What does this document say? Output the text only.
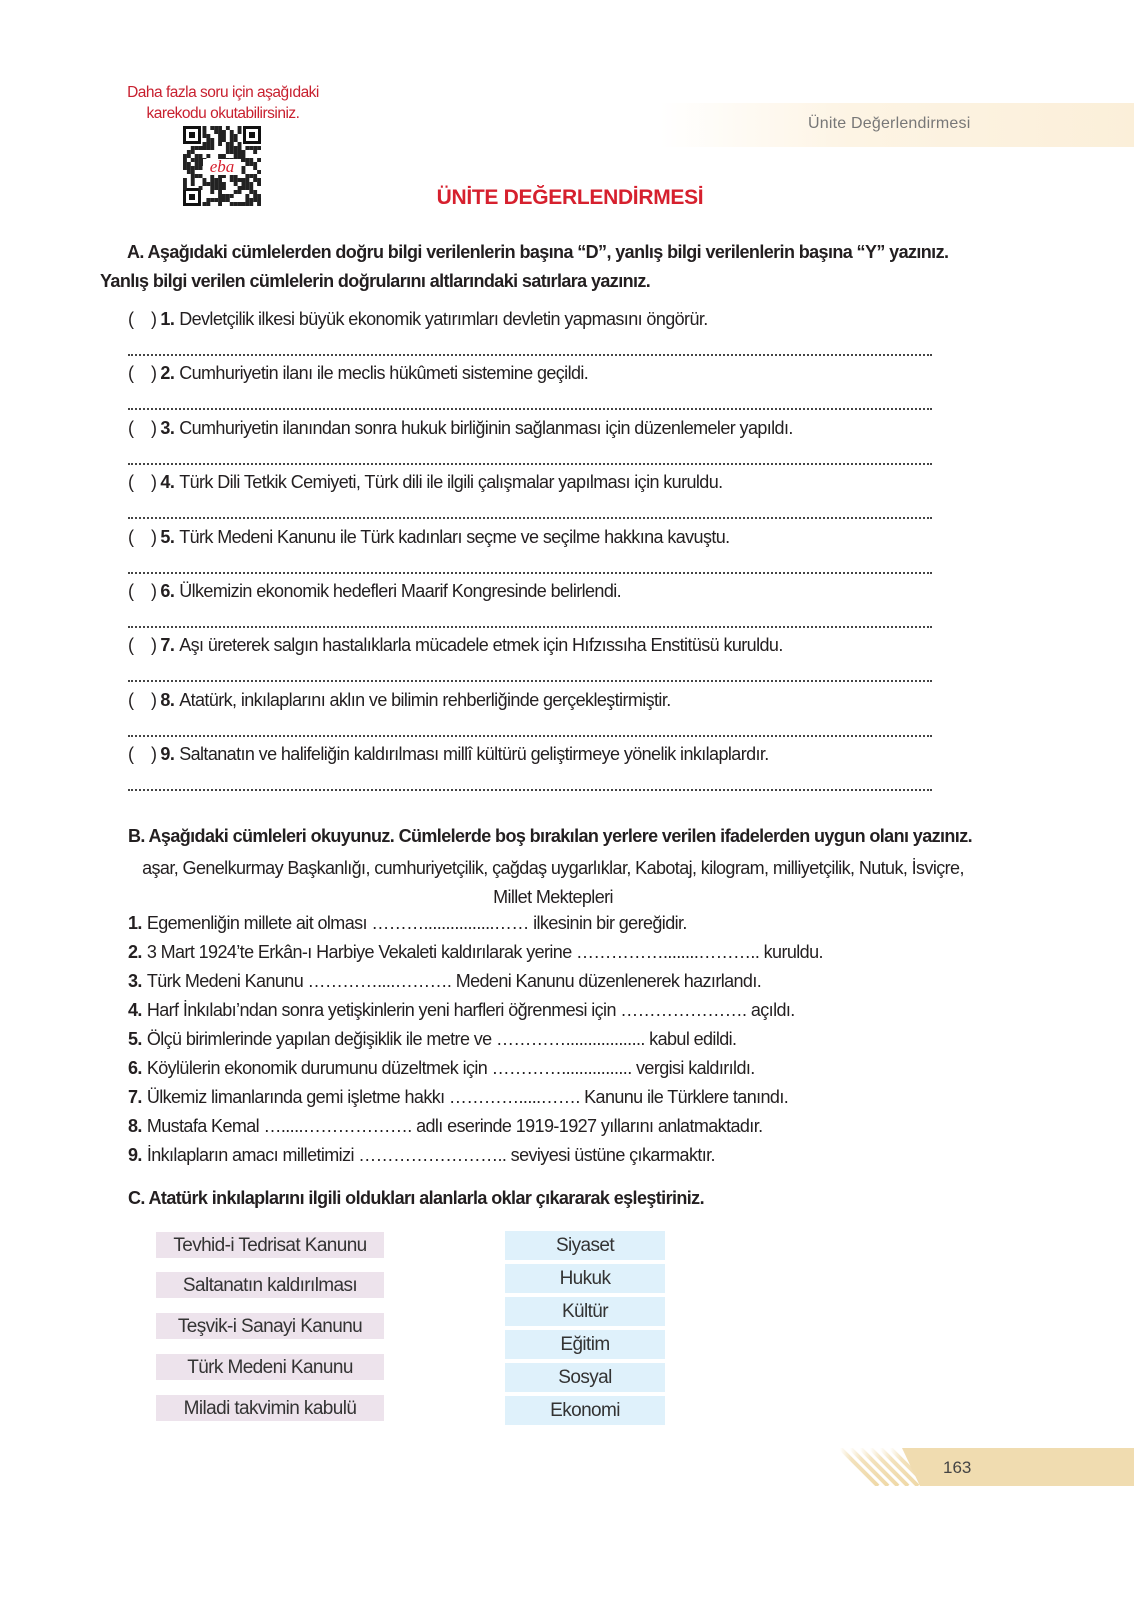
Daha fazla soru için aşağıdaki
karekodu okutabilirsiniz.
eba
Ünite Değerlendirmesi
ÜNİTE DEĞERLENDİRMESİ
A. Aşağıdaki cümlelerden doğru bilgi verilenlerin başına “D”, yanlış bilgi verilenlerin başına “Y” yazınız. Yanlış bilgi verilen cümlelerin doğrularını altlarındaki satırlara yazınız.
(    ) 1. Devletçilik ilkesi büyük ekonomik yatırımları devletin yapmasını öngörür.
(    ) 2. Cumhuriyetin ilanı ile meclis hükûmeti sistemine geçildi.
(    ) 3. Cumhuriyetin ilanından sonra hukuk birliğinin sağlanması için düzenlemeler yapıldı.
(    ) 4. Türk Dili Tetkik Cemiyeti, Türk dili ile ilgili çalışmalar yapılması için kuruldu.
(    ) 5. Türk Medeni Kanunu ile Türk kadınları seçme ve seçilme hakkına kavuştu.
(    ) 6. Ülkemizin ekonomik hedefleri Maarif Kongresinde belirlendi.
(    ) 7. Aşı üreterek salgın hastalıklarla mücadele etmek için Hıfzıssıha Enstitüsü kuruldu.
(    ) 8. Atatürk, inkılaplarını aklın ve bilimin rehberliğinde gerçekleştirmiştir.
(    ) 9. Saltanatın ve halifeliğin kaldırılması millî kültürü geliştirmeye yönelik inkılaplardır.
B. Aşağıdaki cümleleri okuyunuz. Cümlelerde boş bırakılan yerlere verilen ifadelerden uygun olanı yazınız.
aşar, Genelkurmay Başkanlığı, cumhuriyetçilik, çağdaş uygarlıklar, Kabotaj, kilogram, milliyetçilik, Nutuk, İsviçre, Millet Mektepleri
1. Egemenliğin millete ait olması ………................…… ilkesinin bir gereğidir.
2. 3 Mart 1924’te Erkân-ı Harbiye Vekaleti kaldırılarak yerine ……………........……….. kuruldu.
3. Türk Medeni Kanunu …………....………. Medeni Kanunu düzenlenerek hazırlandı.
4. Harf İnkılabı’ndan sonra yetişkinlerin yeni harfleri öğrenmesi için …………………. açıldı.
5. Ölçü birimlerinde yapılan değişiklik ile metre ve ………….................. kabul edildi.
6. Köylülerin ekonomik durumunu düzeltmek için …………................ vergisi kaldırıldı.
7. Ülkemiz limanlarında gemi işletme hakkı ………….....……. Kanunu ile Türklere tanındı.
8. Mustafa Kemal ….....………………. adlı eserinde 1919-1927 yıllarını anlatmaktadır.
9. İnkılapların amacı milletimizi …………………….. seviyesi üstüne çıkarmaktır.
C. Atatürk inkılaplarını ilgili oldukları alanlarla oklar çıkararak eşleştiriniz.
Tevhid-i Tedrisat Kanunu
Saltanatın kaldırılması
Teşvik-i Sanayi Kanunu
Türk Medeni Kanunu
Miladi takvimin kabulü
Siyaset
Hukuk
Kültür
Eğitim
Sosyal
Ekonomi
163
